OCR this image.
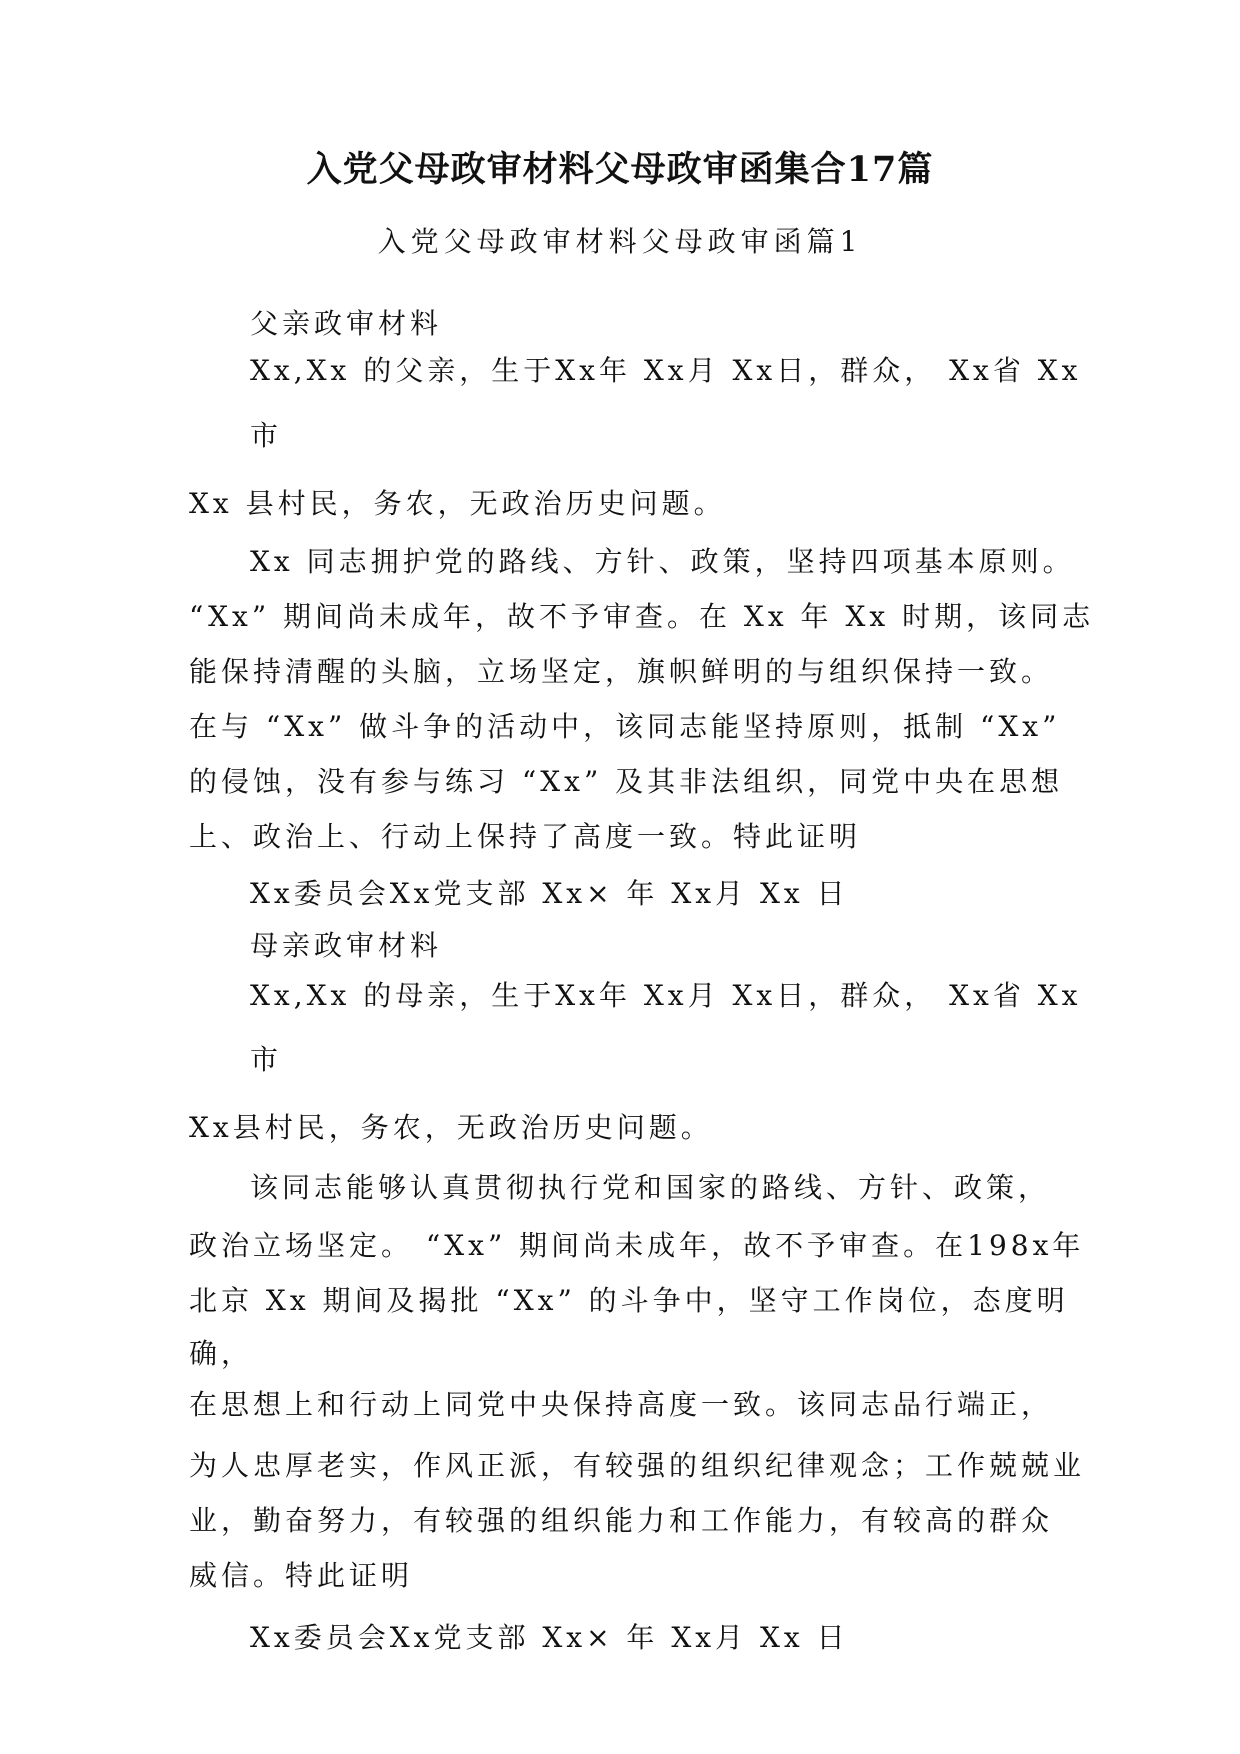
入党父母政审材料父母政审函集合17篇
入党父母政审材料父母政审函篇1
父亲政审材料
Xx,Xx 的父亲，生于Xx年 Xx月 Xx日，群众， Xx省 Xx
市
Xx 县村民，务农，无政治历史问题。
Xx 同志拥护党的路线、方针、政策，坚持四项基本原则。
“Xx” 期间尚未成年，故不予审查。在 Xx 年 Xx 时期，该同志
能保持清醒的头脑，立场坚定，旗帜鲜明的与组织保持一致。
在与 “Xx” 做斗争的活动中，该同志能坚持原则，抵制 “Xx”
的侵蚀，没有参与练习 “Xx” 及其非法组织，同党中央在思想
上、政治上、行动上保持了高度一致。特此证明
Xx委员会Xx党支部 Xx× 年 Xx月 Xx 日
母亲政审材料
Xx,Xx 的母亲，生于Xx年 Xx月 Xx日，群众， Xx省 Xx
市
Xx县村民，务农，无政治历史问题。
该同志能够认真贯彻执行党和国家的路线、方针、政策，
政治立场坚定。 “Xx” 期间尚未成年，故不予审查。在198x年
北京 Xx 期间及揭批 “Xx” 的斗争中，坚守工作岗位，态度明
确，
在思想上和行动上同党中央保持高度一致。该同志品行端正，
为人忠厚老实，作风正派，有较强的组织纪律观念；工作兢兢业
业，勤奋努力，有较强的组织能力和工作能力，有较高的群众
威信。特此证明
Xx委员会Xx党支部 Xx× 年 Xx月 Xx 日
